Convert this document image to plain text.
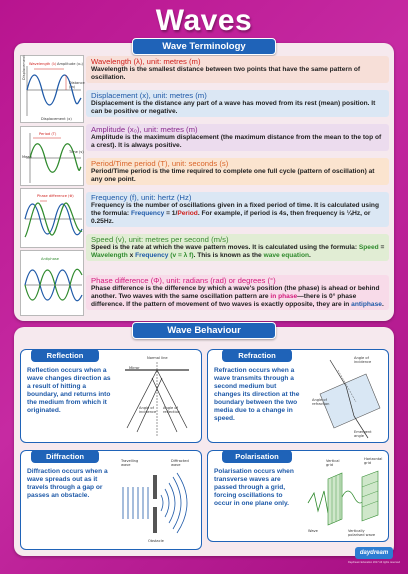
Waves
Wave Terminology
Wave Behaviour
Wavelength (λ) Amplitude (x₀)
Distance (m)
Displacement
Displacement (x)
Period (T)
Time (s)
Mean
Phase difference (Φ)
Antiphase
Wavelength (λ), unit: metres (m)
Wavelength is the smallest distance between two points that have the same pattern of oscillation.
Displacement (x), unit: metres (m)
Displacement is the distance any part of a wave has moved from its rest (mean) position. It can be positive or negative.
Amplitude (x₀), unit: metres (m)
Amplitude is the maximum displacement (the maximum distance from the mean to the top of a crest). It is always positive.
Period/Time period (T), unit: seconds (s)
Period/Time period is the time required to complete one full cycle (pattern of oscillation) at any one point.
Frequency (f), unit: hertz (Hz)
Frequency is the number of oscillations given in a fixed period of time. It is calculated using the formula: Frequency = 1/Period. For example, if period is 4s, then frequency is ¼Hz, or 0.25Hz.
Speed (v), unit: metres per second (m/s)
Speed is the rate at which the wave pattern moves. It is calculated using the formula: Speed = Wavelength x Frequency (v = λ f). This is known as the wave equation.
Phase difference (Φ), unit: radians (rad) or degrees (°)
Phase difference is the difference by which a wave's position (the phase) is ahead or behind another. Two waves with the same oscillation pattern are in phase—there is 0° phase difference. If the pattern of movement of two waves is exactly opposite, they are in antiphase.
Reflection
Reflection occurs when a wave changes direction as a result of hitting a boundary, and returns into the medium from which it originated.
Normal line
Mirror
Angle of incidence
Angle of reflection
Refraction
Refraction occurs when a wave transmits through a second medium but changes its direction at the boundary between the two media due to a change in speed.
Angle of incidence
Angle of refraction
Emergent angle
Diffraction
Diffraction occurs when a wave spreads out as it travels through a gap or passes an obstacle.
Travelling wave
Diffracted wave
Obstacle
Polarisation
Polarisation occurs when transverse waves are passed through a grid, forcing oscillations to occur in one plane only.
Vertical grid
Horizontal grid
Wave	Vertically polarised wave
daydream
Daydream Education 2017 All rights reserved
